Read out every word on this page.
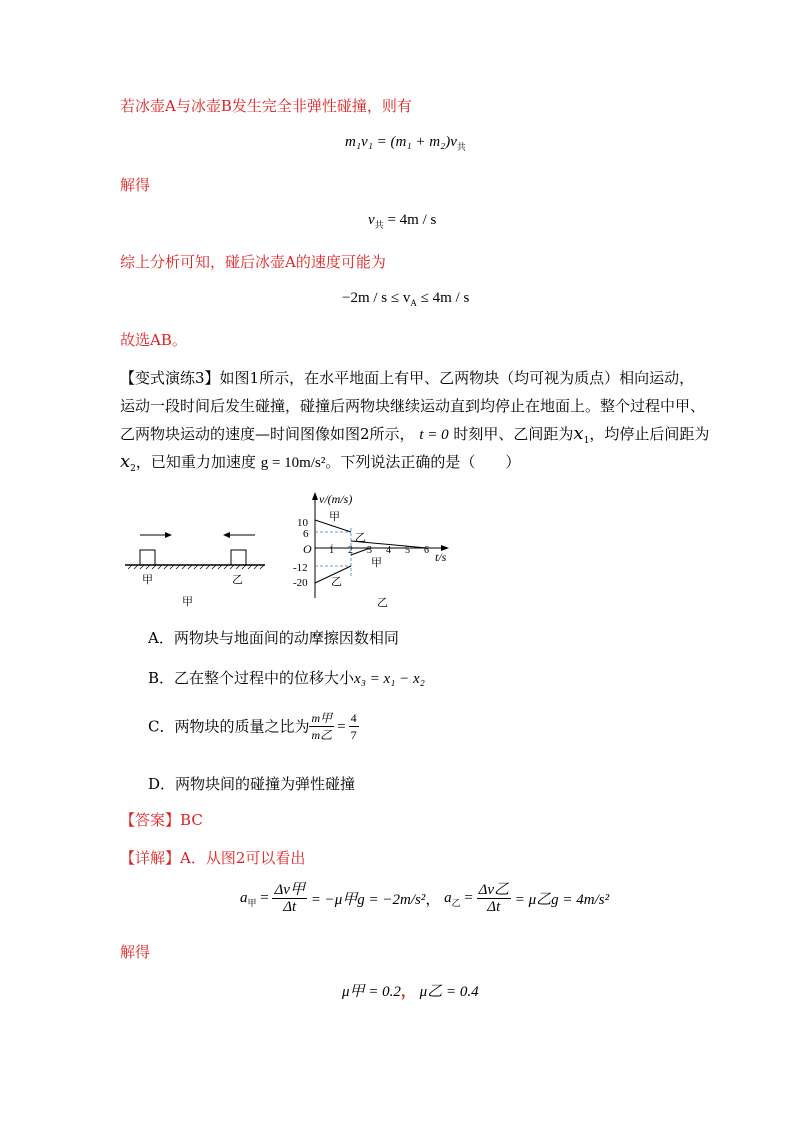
若冰壶A与冰壶B发生完全非弹性碰撞，则有
$m_1v_1 = (m_1 + m_2)v_共$
解得
$v_共 = 4m / s$
综上分析可知，碰后冰壶A的速度可能为
$-2m / s \le v_A \le 4m / s$
故选AB。
【变式演练3】如图1所示，在水平地面上有甲、乙两物块（均可视为质点）相向运动，
运动一段时间后发生碰撞，碰撞后两物块继续运动直到均停止在地面上。整个过程中甲、
乙两物块运动的速度—时间图像如图2所示， t = 0 时刻甲、乙间距为$x_1$，均停止后间距为
$x_2$，已知重力加速度 g = 10m/s²。下列说法正确的是（　　）
甲	乙
甲
v/(m/s)
t/s
O
10
6
-12
-20
1 2 3 4 5 6
甲
乙
甲
乙
乙
A．两物块与地面间的动摩擦因数相同
B．乙在整个过程中的位移大小x₃ = x₁ − x₂
C．两物块的质量之比为 $\frac{\text{m甲}}{\text{m乙}} = \frac{4}{7}$
D．两物块间的碰撞为弹性碰撞
【答案】BC
【详解】A．从图2可以看出
$a_甲 = \frac{\text{Δv甲}}{\Delta t} = -\mu$甲g = −2m/s²， $a_乙 = \frac{\text{Δv乙}}{\Delta t} = \mu$乙g = 4m/s²
解得
μ甲 = 0.2， μ乙 = 0.4
